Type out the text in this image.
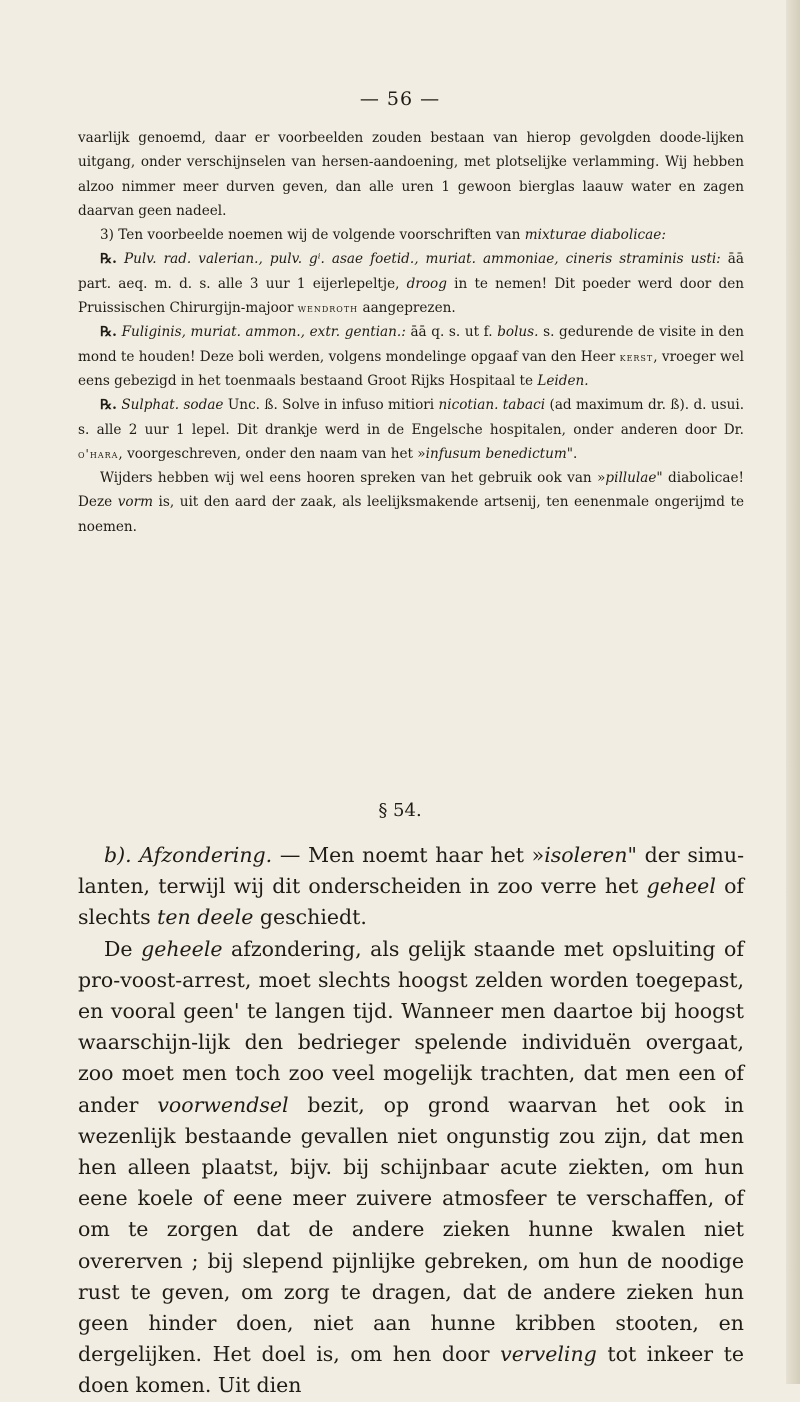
— 56 —

vaarlijk genoemd, daar er voorbeelden zouden bestaan van hierop gevolgden doode-lijken uitgang, onder verschijnselen van hersen-aandoening, met plotselijke verlamming. Wij hebben alzoo nimmer meer durven geven, dan alle uren 1 gewoon bierglas laauw water en zagen daarvan geen nadeel.

3) Ten voorbeelde noemen wij de volgende voorschriften van mixturae diabolicae:

℞. Pulv. rad. valerian., pulv. gⁱ. asae foetid., muriat. ammoniae, cineris straminis usti: āā part. aeq. m. d. s. alle 3 uur 1 eijerlepeltje, droog in te nemen! Dit poeder werd door den Pruissischen Chirurgijn-majoor wendroth aangeprezen.

℞. Fuliginis, muriat. ammon., extr. gentian.: āā q. s. ut f. bolus. s. gedurende de visite in den mond te houden! Deze boli werden, volgens mondelinge opgaaf van den Heer kerst, vroeger wel eens gebezigd in het toenmaals bestaand Groot Rijks Hospitaal te Leiden.

℞. Sulphat. sodae Unc. ß. Solve in infuso mitiori nicotian. tabaci (ad maximum dr. ß). d. usui. s. alle 2 uur 1 lepel. Dit drankje werd in de Engelsche hospitalen, onder anderen door Dr. o'hara, voorgeschreven, onder den naam van het »infusum benedictum".

Wijders hebben wij wel eens hooren spreken van het gebruik ook van »pillulae" diabolicae! Deze vorm is, uit den aard der zaak, als leelijksmakende artsenij, ten eenenmale ongerijmd te noemen.

§ 54.

b). Afzondering. — Men noemt haar het »isoleren" der simu-lanten, terwijl wij dit onderscheiden in zoo verre het geheel of slechts ten deele geschiedt.

De geheele afzondering, als gelijk staande met opsluiting of pro-voost-arrest, moet slechts hoogst zelden worden toegepast, en vooral geen' te langen tijd. Wanneer men daartoe bij hoogst waarschijn-lijk den bedrieger spelende individuën overgaat, zoo moet men toch zoo veel mogelijk trachten, dat men een of ander voorwendsel bezit, op grond waarvan het ook in wezenlijk bestaande gevallen niet ongunstig zou zijn, dat men hen alleen plaatst, bijv. bij schijnbaar acute ziekten, om hun eene koele of eene meer zuivere atmosfeer te verschaffen, of om te zorgen dat de andere zieken hunne kwalen niet overerven ; bij slepend pijnlijke gebreken, om hun de noodige rust te geven, om zorg te dragen, dat de andere zieken hun geen hinder doen, niet aan hunne kribben stooten, en dergelijken. Het doel is, om hen door verveling tot inkeer te doen komen. Uit dien
